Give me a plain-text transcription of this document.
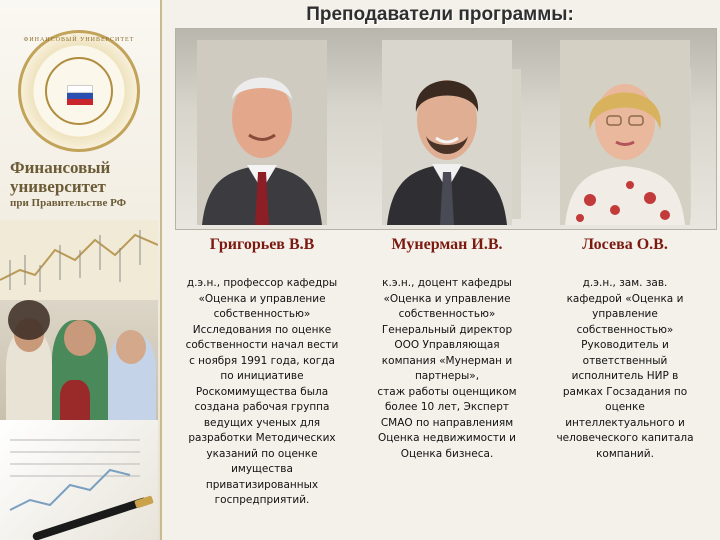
ФИНАНСОВЫЙ УНИВЕРСИТЕТ
Финансовый университет
при Правительстве РФ
Преподаватели программы:
Григорьев В.В
д.э.н., профессор кафедры
«Оценка и управление
собственностью»
Исследования по оценке
собственности начал вести
с ноября 1991 года, когда
по инициативе
Роскомимущества была
создана рабочая группа
ведущих ученых для
разработки Методических
указаний по оценке
имущества
приватизированных
госпредприятий.
Мунерман И.В.
к.э.н., доцент кафедры
«Оценка и управление
собственностью»
Генеральный директор
ООО Управляющая
компания «Мунерман и
партнеры»,
стаж работы оценщиком
более 10 лет, Эксперт
СМАО по направлениям
Оценка недвижимости и
Оценка бизнеса.
Лосева О.В.
д.э.н., зам. зав.
кафедрой «Оценка и
управление
собственностью»
Руководитель и
ответственный
исполнитель НИР в
рамках Госзадания по
оценке
интеллектуального и
человеческого капитала
компаний.
